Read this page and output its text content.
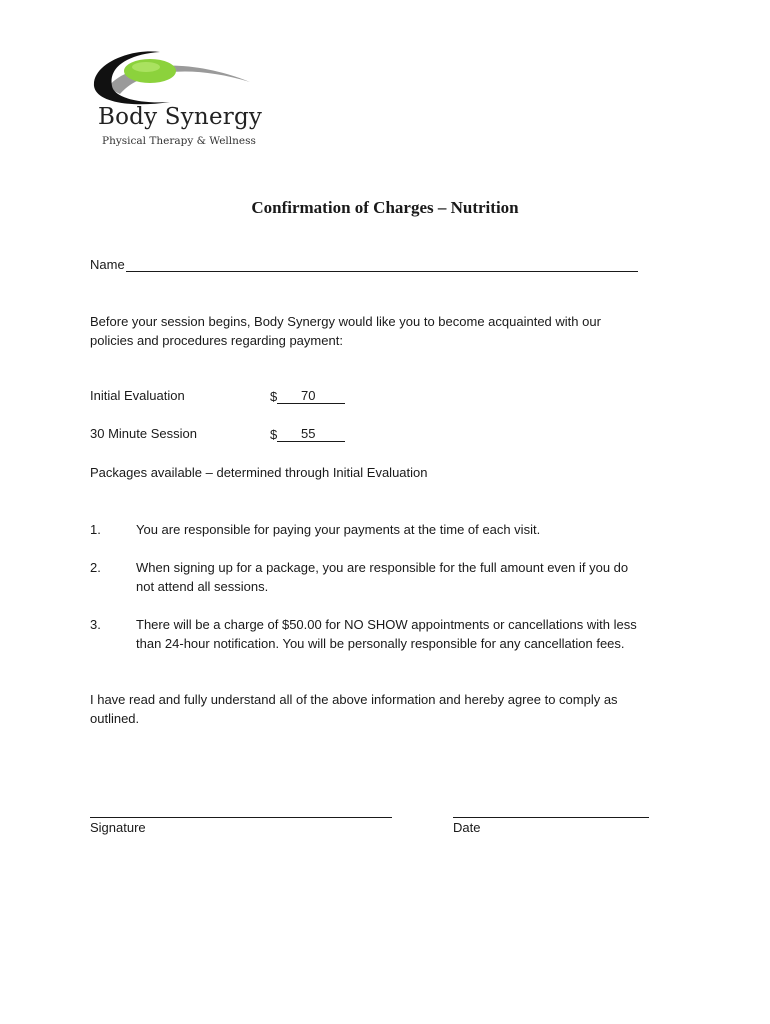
Body Synergy
Physical Therapy & Wellness
Confirmation of Charges – Nutrition
Name
Before your session begins, Body Synergy would like you to become acquainted with our
policies and procedures regarding payment:
Initial Evaluation	$	70
30 Minute Session	$	55
Packages available – determined through Initial Evaluation
1.	You are responsible for paying your payments at the time of each visit.
2.	When signing up for a package, you are responsible for the full amount even if you do
not attend all sessions.
3.	There will be a charge of $50.00 for NO SHOW appointments or cancellations with less
than 24-hour notification. You will be personally responsible for any cancellation fees.
I have read and fully understand all of the above information and hereby agree to comply as
outlined.
Signature	Date
